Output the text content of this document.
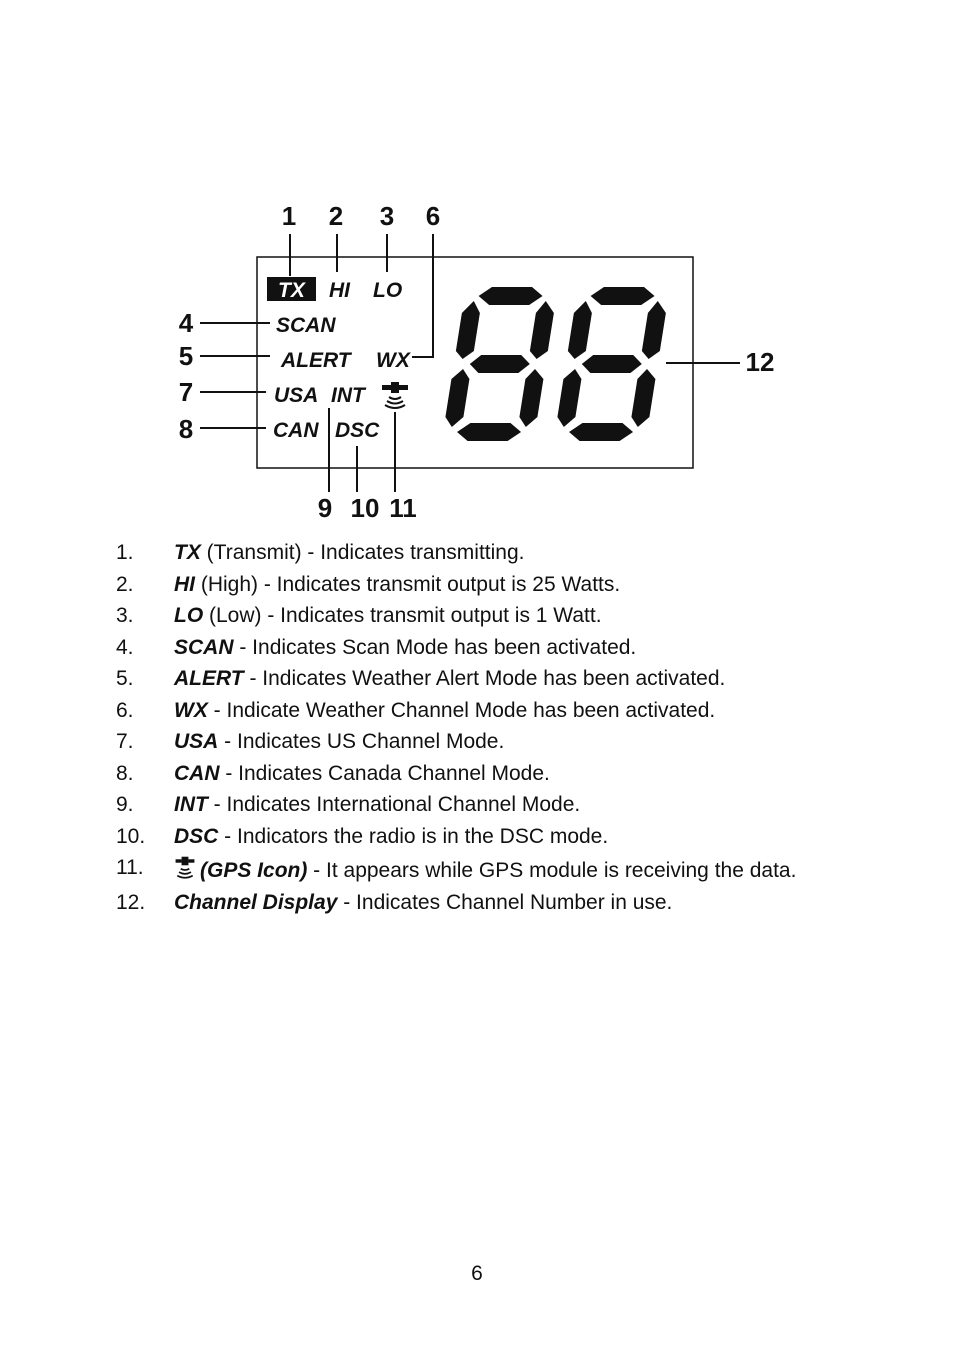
1 2 3 6
4
5
7
8
12
9 10 11
TX HI LO
SCAN
ALERT WX
USA INT
CAN DSC
1. TX (Transmit) - Indicates transmitting.
2. HI (High) - Indicates transmit output is 25 Watts.
3. LO (Low) - Indicates transmit output is 1 Watt.
4. SCAN - Indicates Scan Mode has been activated.
5. ALERT - Indicates Weather Alert Mode has been activated.
6. WX - Indicate Weather Channel Mode has been activated.
7. USA - Indicates US Channel Mode.
8. CAN - Indicates Canada Channel Mode.
9. INT - Indicates International Channel Mode.
10. DSC - Indicators the radio is in the DSC mode.
11.	(GPS Icon) - It appears while GPS module is receiving the data.
12. Channel Display - Indicates Channel Number in use.
6
